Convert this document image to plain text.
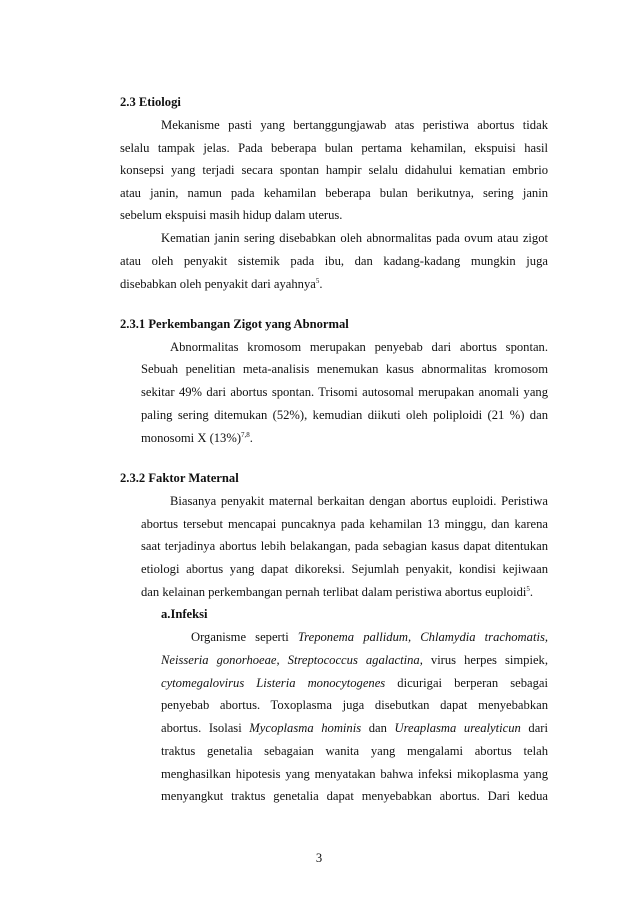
2.3 Etiologi
Mekanisme pasti yang bertanggungjawab atas peristiwa abortus tidak
selalu tampak jelas. Pada beberapa bulan pertama kehamilan, ekspuisi hasil
konsepsi yang terjadi secara spontan hampir selalu didahului kematian embrio
atau janin, namun pada kehamilan beberapa bulan berikutnya, sering janin
sebelum ekspuisi masih hidup dalam uterus.
Kematian janin sering disebabkan oleh abnormalitas pada ovum atau zigot
atau oleh penyakit sistemik pada ibu, dan kadang-kadang mungkin juga
disebabkan oleh penyakit dari ayahnya$^5$.
2.3.1 Perkembangan Zigot yang Abnormal
Abnormalitas kromosom merupakan penyebab dari abortus spontan.
Sebuah penelitian meta-analisis menemukan kasus abnormalitas kromosom
sekitar 49% dari abortus spontan. Trisomi autosomal merupakan anomali yang
paling sering ditemukan (52%), kemudian diikuti oleh poliploidi (21 %) dan
monosomi X $(13\%)^{7,8}$.
2.3.2 Faktor Maternal
Biasanya penyakit maternal berkaitan dengan abortus euploidi. Peristiwa
abortus tersebut mencapai puncaknya pada kehamilan 13 minggu, dan karena
saat terjadinya abortus lebih belakangan, pada sebagian kasus dapat ditentukan
etiologi abortus yang dapat dikoreksi. Sejumlah penyakit, kondisi kejiwaan
dan kelainan perkembangan pernah terlibat dalam peristiwa abortus euploidi$^5$.
a.Infeksi
Organisme seperti Treponema pallidum, Chlamydia trachomatis,
Neisseria gonorhoeae, Streptococcus agalactina, virus herpes simpiek,
cytomegalovirus Listeria monocytogenes dicurigai berperan sebagai
penyebab abortus. Toxoplasma juga disebutkan dapat menyebabkan
abortus. Isolasi Mycoplasma hominis dan Ureaplasma urealyticun dari
traktus genetalia sebagaian wanita yang mengalami abortus telah
menghasilkan hipotesis yang menyatakan bahwa infeksi mikoplasma yang
menyangkut traktus genetalia dapat menyebabkan abortus. Dari kedua
3
